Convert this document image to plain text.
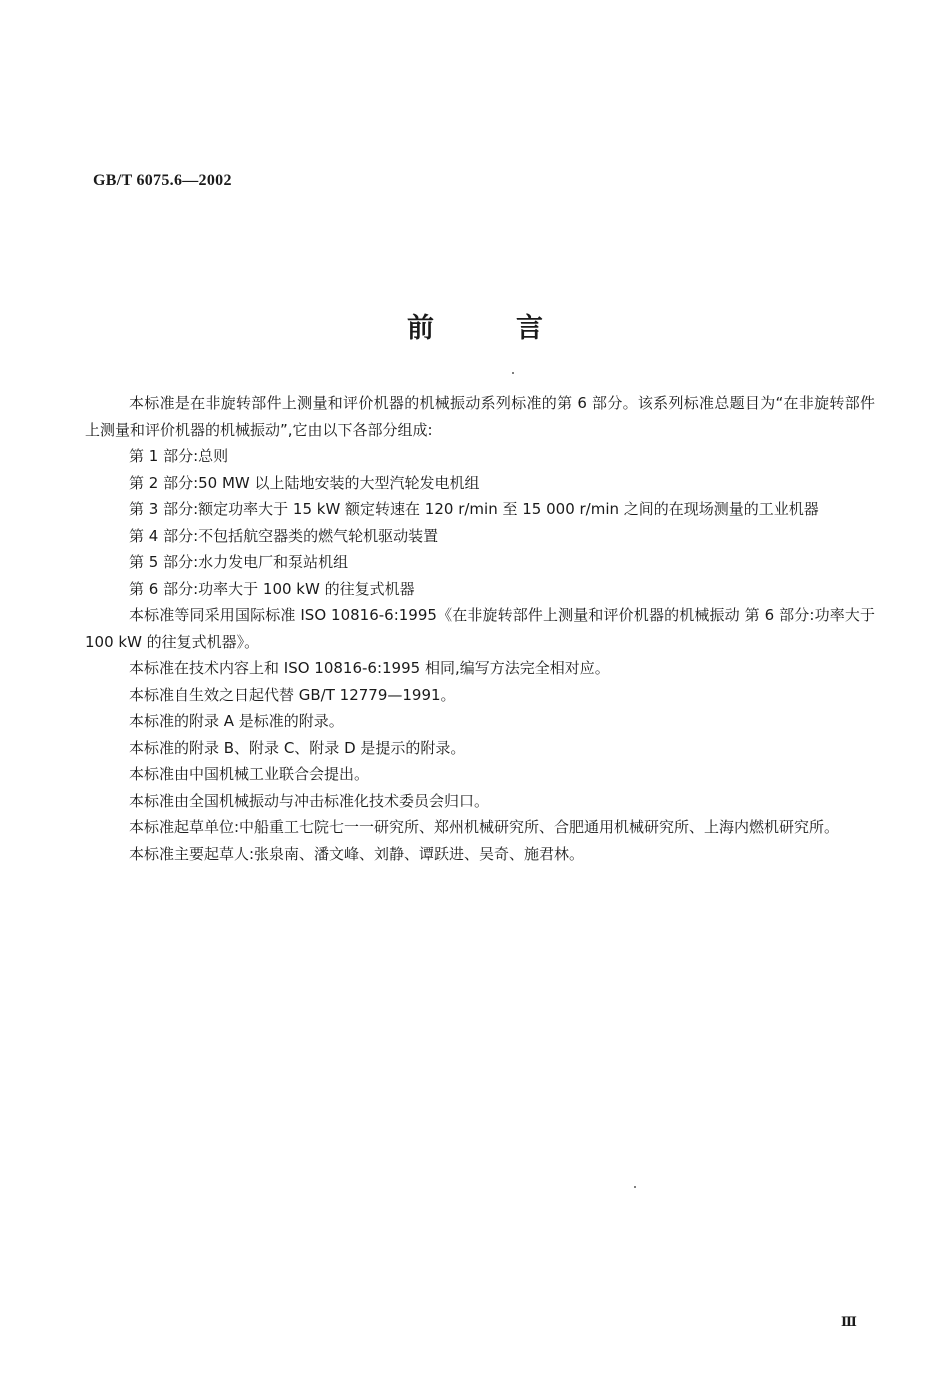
GB/T 6075.6—2002
前	言

本标准是在非旋转部件上测量和评价机器的机械振动系列标准的第 6 部分。该系列标准总题目为“在非旋转部件上测量和评价机器的机械振动”,它由以下各部分组成:

第 1 部分:总则

第 2 部分:50 MW 以上陆地安装的大型汽轮发电机组

第 3 部分:额定功率大于 15 kW 额定转速在 120 r/min 至 15 000 r/min 之间的在现场测量的工业机器

第 4 部分:不包括航空器类的燃气轮机驱动装置

第 5 部分:水力发电厂和泵站机组

第 6 部分:功率大于 100 kW 的往复式机器

本标准等同采用国际标准 ISO 10816-6:1995《在非旋转部件上测量和评价机器的机械振动 第 6 部分:功率大于 100 kW 的往复式机器》。

本标准在技术内容上和 ISO 10816-6:1995 相同,编写方法完全相对应。

本标准自生效之日起代替 GB/T 12779—1991。

本标准的附录 A 是标准的附录。

本标准的附录 B、附录 C、附录 D 是提示的附录。

本标准由中国机械工业联合会提出。

本标准由全国机械振动与冲击标准化技术委员会归口。

本标准起草单位:中船重工七院七一一研究所、郑州机械研究所、合肥通用机械研究所、上海内燃机研究所。

本标准主要起草人:张泉南、潘文峰、刘静、谭跃进、吴奇、施君林。

Ⅲ
